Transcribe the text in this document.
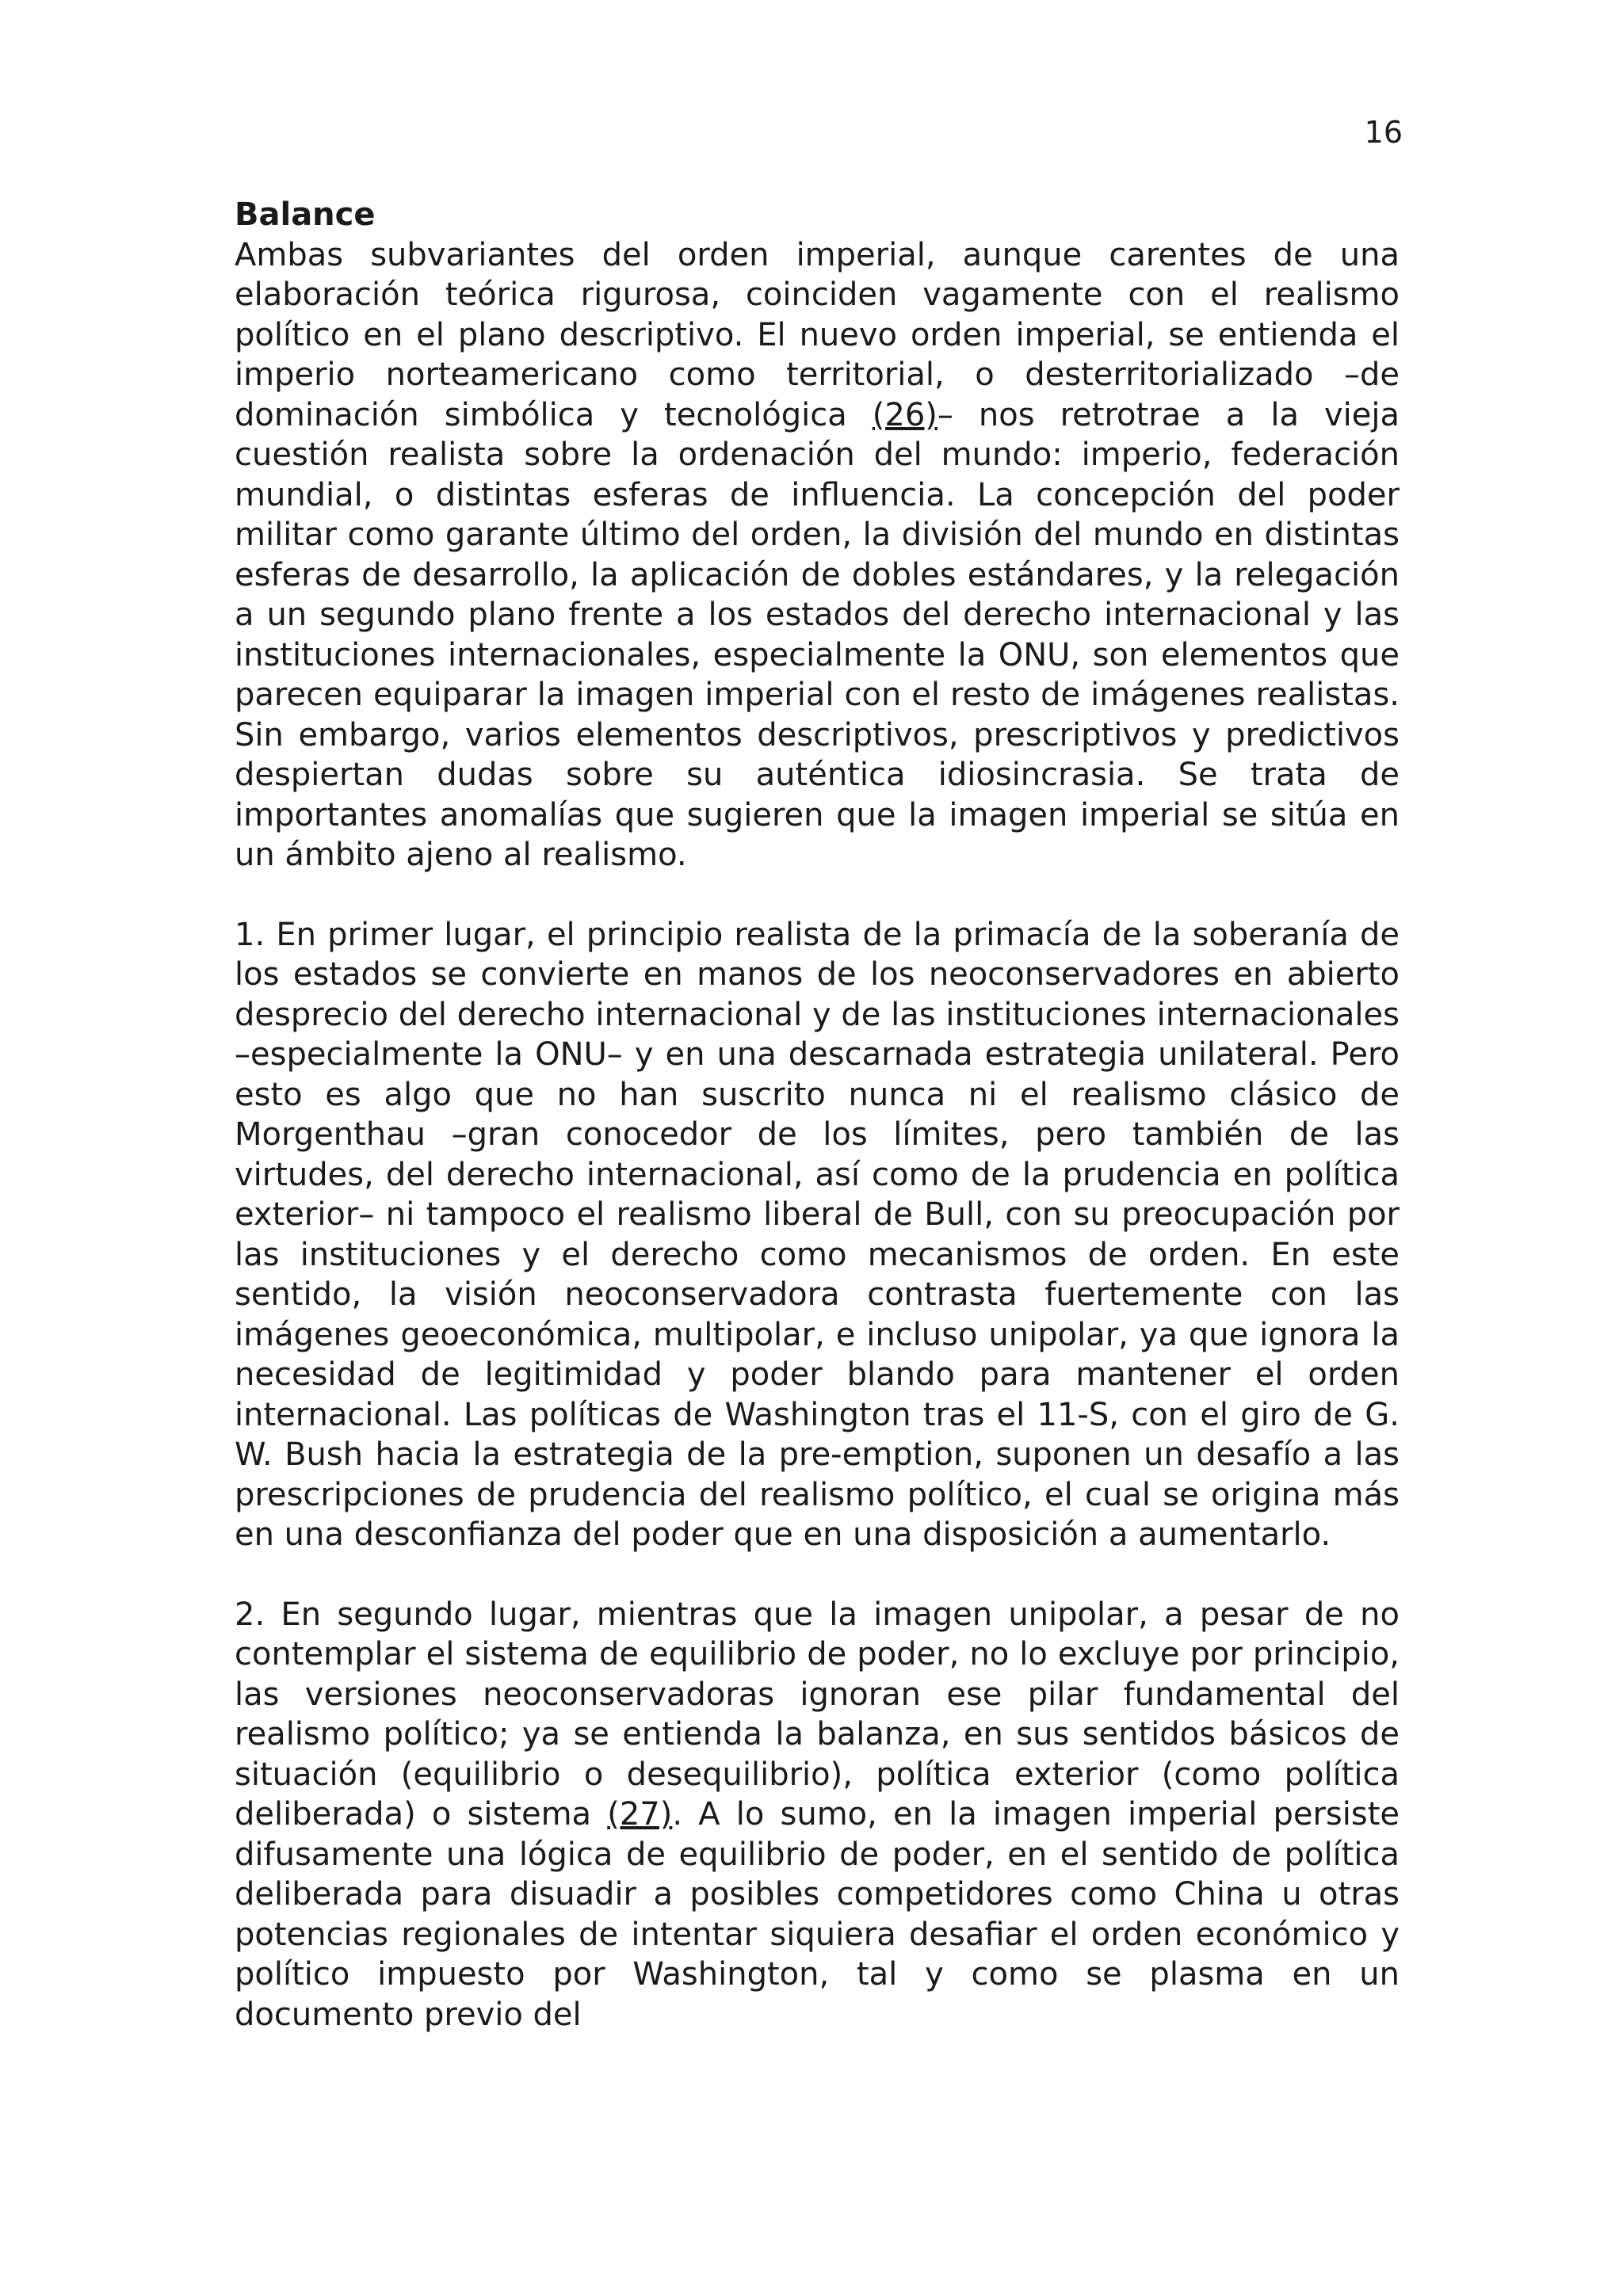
16
Balance

Ambas subvariantes del orden imperial, aunque carentes de una elaboración teórica rigurosa, coinciden vagamente con el realismo político en el plano descriptivo. El nuevo orden imperial, se entienda el imperio norteamericano como territorial, o desterritorializado –de dominación simbólica y tecnológica (26)– nos retrotrae a la vieja cuestión realista sobre la ordenación del mundo: imperio, federación mundial, o distintas esferas de influencia. La concepción del poder militar como garante último del orden, la división del mundo en distintas esferas de desarrollo, la aplicación de dobles estándares, y la relegación a un segundo plano frente a los estados del derecho internacional y las instituciones internacionales, especialmente la ONU, son elementos que parecen equiparar la imagen imperial con el resto de imágenes realistas. Sin embargo, varios elementos descriptivos, prescriptivos y predictivos despiertan dudas sobre su auténtica idiosincrasia. Se trata de importantes anomalías que sugieren que la imagen imperial se sitúa en un ámbito ajeno al realismo.

1. En primer lugar, el principio realista de la primacía de la soberanía de los estados se convierte en manos de los neoconservadores en abierto desprecio del derecho internacional y de las instituciones internacionales –especialmente la ONU– y en una descarnada estrategia unilateral. Pero esto es algo que no han suscrito nunca ni el realismo clásico de Morgenthau –gran conocedor de los límites, pero también de las virtudes, del derecho internacional, así como de la prudencia en política exterior– ni tampoco el realismo liberal de Bull, con su preocupación por las instituciones y el derecho como mecanismos de orden. En este sentido, la visión neoconservadora contrasta fuertemente con las imágenes geoeconómica, multipolar, e incluso unipolar, ya que ignora la necesidad de legitimidad y poder blando para mantener el orden internacional. Las políticas de Washington tras el 11-S, con el giro de G. W. Bush hacia la estrategia de la pre-emption, suponen un desafío a las prescripciones de prudencia del realismo político, el cual se origina más en una desconfianza del poder que en una disposición a aumentarlo.

2. En segundo lugar, mientras que la imagen unipolar, a pesar de no contemplar el sistema de equilibrio de poder, no lo excluye por principio, las versiones neoconservadoras ignoran ese pilar fundamental del realismo político; ya se entienda la balanza, en sus sentidos básicos de situación (equilibrio o desequilibrio), política exterior (como política deliberada) o sistema (27). A lo sumo, en la imagen imperial persiste difusamente una lógica de equilibrio de poder, en el sentido de política deliberada para disuadir a posibles competidores como China u otras potencias regionales de intentar siquiera desafiar el orden económico y político impuesto por Washington, tal y como se plasma en un documento previo del
